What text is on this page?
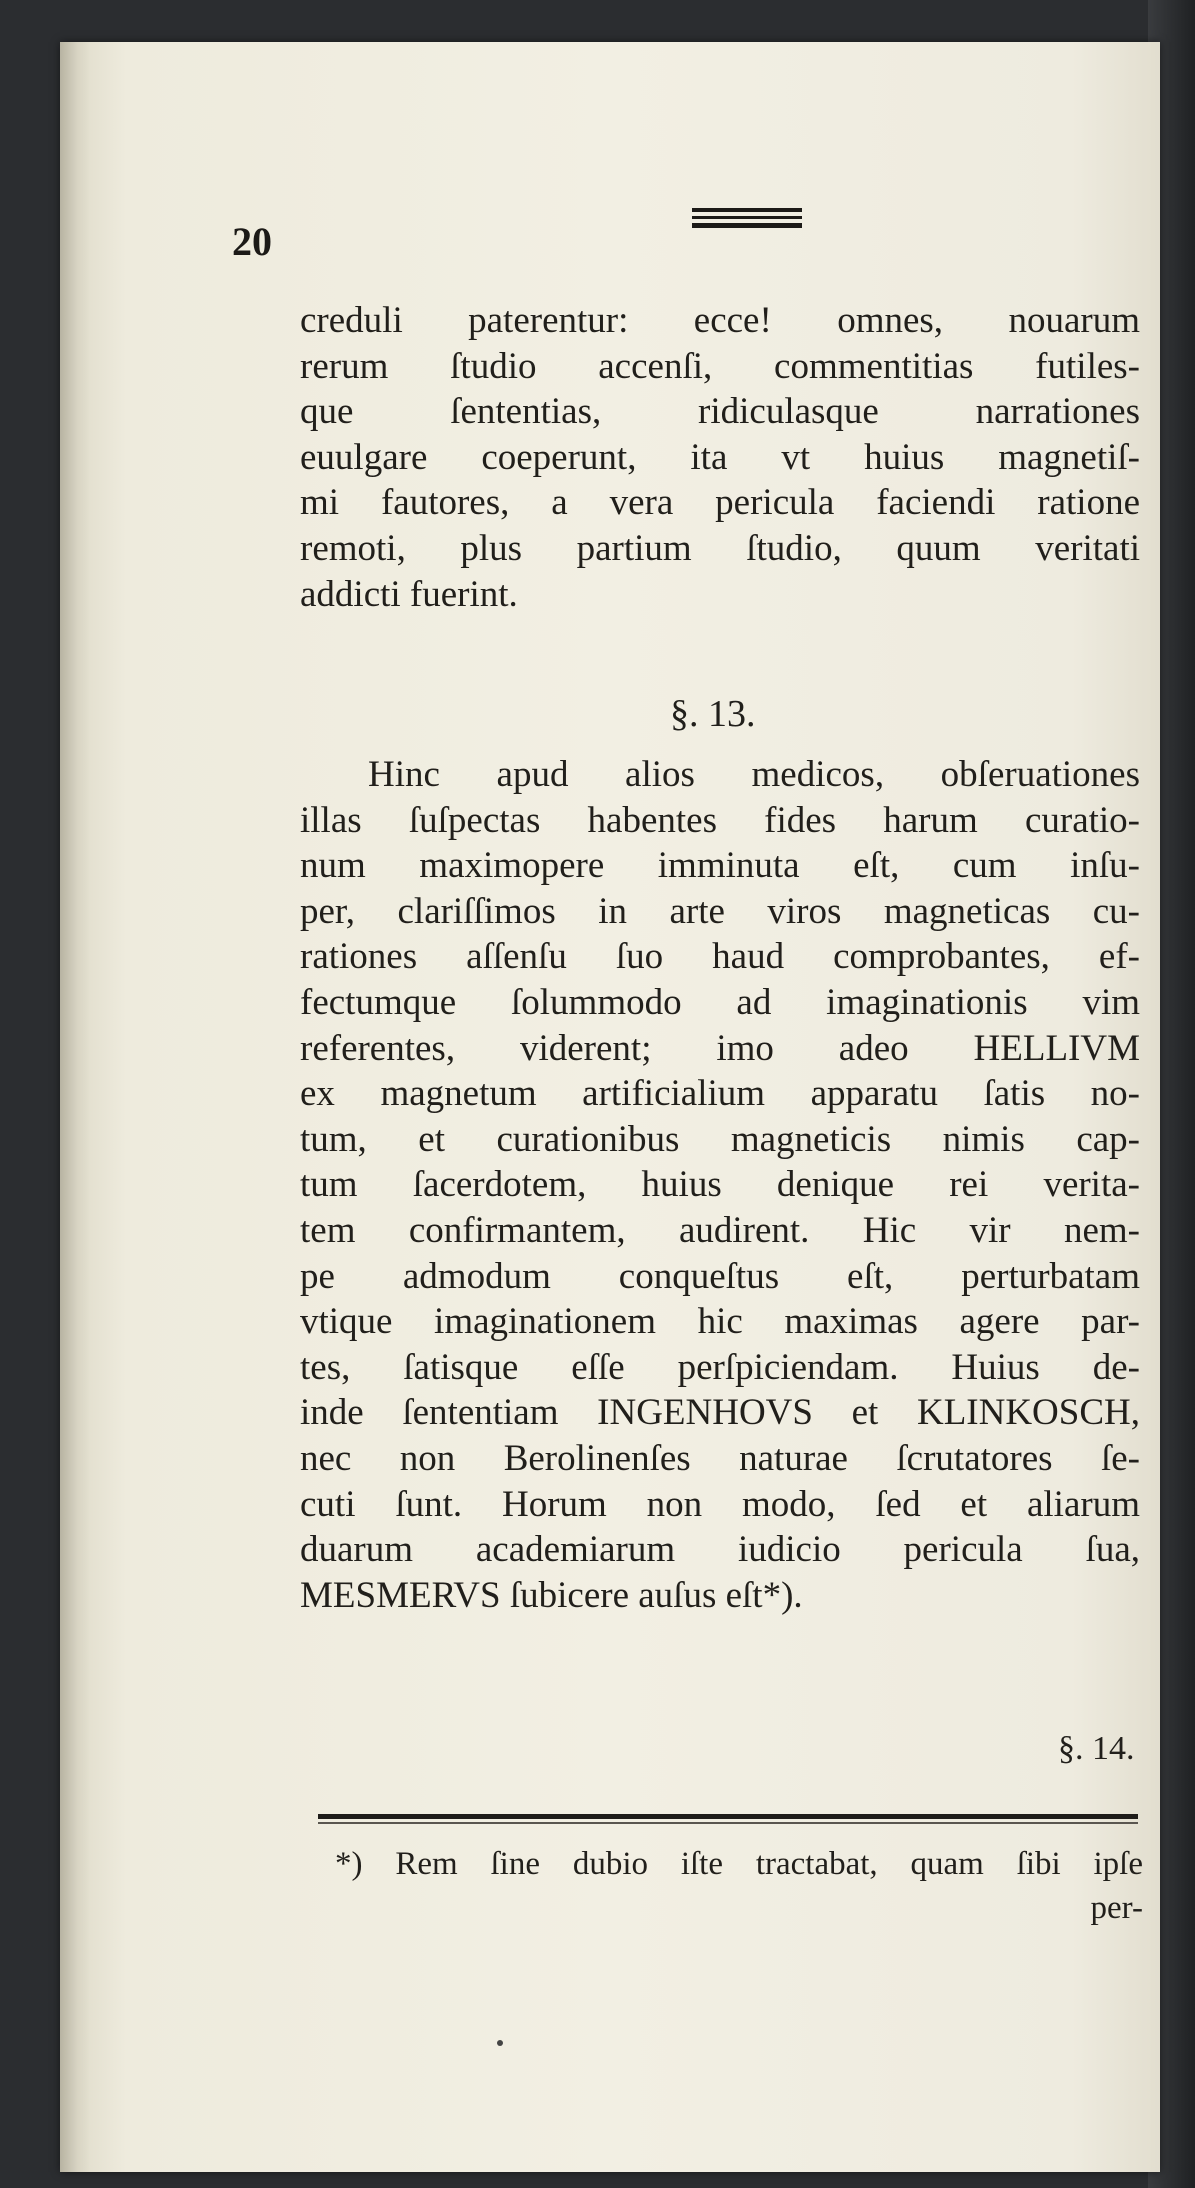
20
creduli paterentur: ecce! omnes, nouarum
rerum ſtudio accenſi, commentitias futiles-
que ſententias, ridiculasque narrationes
euulgare coeperunt, ita vt huius magnetiſ-
mi fautores, a vera pericula faciendi ratione
remoti, plus partium ſtudio, quum veritati
addicti fuerint.
§. 13.
Hinc apud alios medicos, obſeruationes
illas ſuſpectas habentes fides harum curatio-
num maximopere imminuta eſt, cum inſu-
per, clariſſimos in arte viros magneticas cu-
rationes aſſenſu ſuo haud comprobantes, ef-
fectumque ſolummodo ad imaginationis vim
referentes, viderent; imo adeo HELLIVM
ex magnetum artificialium apparatu ſatis no-
tum, et curationibus magneticis nimis cap-
tum ſacerdotem, huius denique rei verita-
tem confirmantem, audirent. Hic vir nem-
pe admodum conqueſtus eſt, perturbatam
vtique imaginationem hic maximas agere par-
tes, ſatisque eſſe perſpiciendam. Huius de-
inde ſententiam INGENHOVS et KLINKOSCH,
nec non Berolinenſes naturae ſcrutatores ſe-
cuti ſunt. Horum non modo, ſed et aliarum
duarum academiarum iudicio pericula ſua,
MESMERVS ſubicere auſus eſt*).
§. 14.
*) Rem ſine dubio iſte tractabat, quam ſibi ipſe
per-
